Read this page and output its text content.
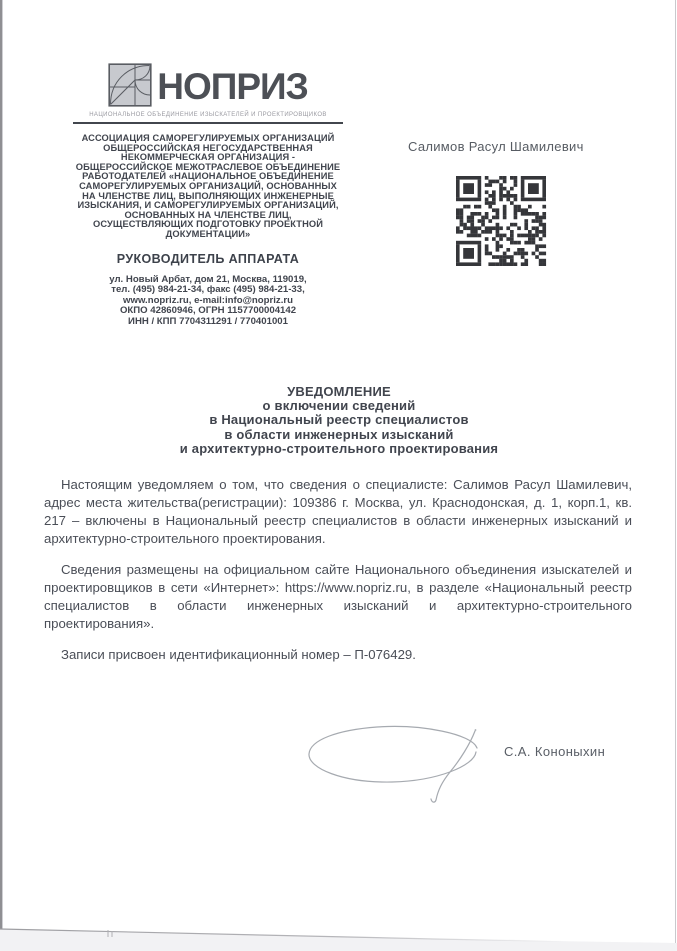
НОПРИЗ
НАЦИОНАЛЬНОЕ ОБЪЕДИНЕНИЕ ИЗЫСКАТЕЛЕЙ И ПРОЕКТИРОВЩИКОВ
АССОЦИАЦИЯ САМОРЕГУЛИРУЕМЫХ ОРГАНИЗАЦИЙ
ОБЩЕРОССИЙСКАЯ НЕГОСУДАРСТВЕННАЯ
НЕКОММЕРЧЕСКАЯ ОРГАНИЗАЦИЯ -
ОБЩЕРОССИЙСКОЕ МЕЖОТРАСЛЕВОЕ ОБЪЕДИНЕНИЕ
РАБОТОДАТЕЛЕЙ «НАЦИОНАЛЬНОЕ ОБЪЕДИНЕНИЕ
САМОРЕГУЛИРУЕМЫХ ОРГАНИЗАЦИЙ, ОСНОВАННЫХ
НА ЧЛЕНСТВЕ ЛИЦ, ВЫПОЛНЯЮЩИХ ИНЖЕНЕРНЫЕ
ИЗЫСКАНИЯ, И САМОРЕГУЛИРУЕМЫХ ОРГАНИЗАЦИЙ,
ОСНОВАННЫХ НА ЧЛЕНСТВЕ ЛИЦ,
ОСУЩЕСТВЛЯЮЩИХ ПОДГОТОВКУ ПРОЕКТНОЙ
ДОКУМЕНТАЦИИ»
РУКОВОДИТЕЛЬ АППАРАТА
ул. Новый Арбат, дом 21, Москва, 119019,
тел. (495) 984-21-34, факс (495) 984-21-33,
www.nopriz.ru, e-mail:info@nopriz.ru
ОКПО 42860946, ОГРН 1157700004142
ИНН / КПП 7704311291 / 770401001
Салимов Расул Шамилевич
УВЕДОМЛЕНИЕ
о включении сведений
в Национальный реестр специалистов
в области инженерных изысканий
и архитектурно-строительного проектирования

Настоящим уведомляем о том, что сведения о специалисте: Салимов Расул Шамилевич, адрес места жительства(регистрации): 109386 г. Москва, ул. Краснодонская, д. 1, корп.1, кв. 217 – включены в Национальный реестр специалистов в области инженерных изысканий и архитектурно-строительного проектирования.

Сведения размещены на официальном сайте Национального объединения изыскателей и проектировщиков в сети «Интернет»: https://www.nopriz.ru, в разделе «Национальный реестр специалистов в области инженерных изысканий и архитектурно-строительного проектирования».

Записи присвоен идентификационный номер – П-076429.

С.А. Кононыхин
